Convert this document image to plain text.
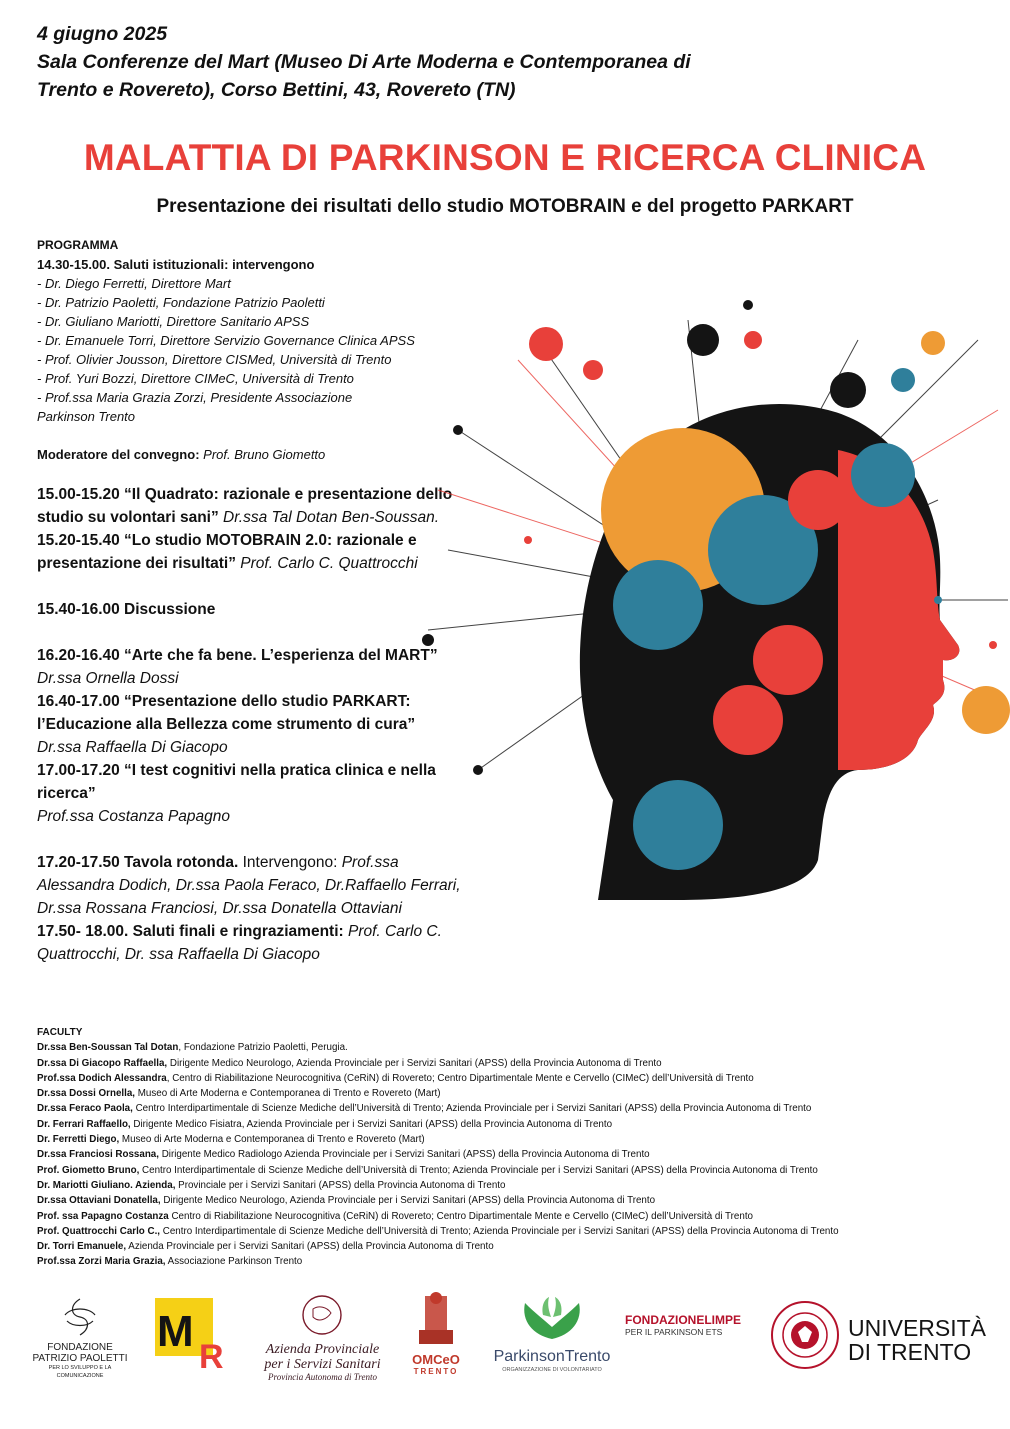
4 giugno 2025
Sala Conferenze del Mart (Museo Di Arte Moderna e Contemporanea di
Trento e Rovereto), Corso Bettini, 43, Rovereto (TN)
MALATTIA DI PARKINSON E RICERCA CLINICA
Presentazione dei risultati dello studio MOTOBRAIN e del progetto PARKART
PROGRAMMA
14.30-15.00. Saluti istituzionali: intervengono
- Dr. Diego Ferretti, Direttore Mart
- Dr. Patrizio Paoletti, Fondazione Patrizio Paoletti
- Dr. Giuliano Mariotti, Direttore Sanitario APSS
- Dr. Emanuele Torri, Direttore Servizio Governance Clinica APSS
- Prof. Olivier Jousson, Direttore CISMed, Università di Trento
- Prof. Yuri Bozzi, Direttore CIMeC, Università di Trento
- Prof.ssa Maria Grazia Zorzi, Presidente Associazione
Parkinson Trento
Moderatore del convegno: Prof. Bruno Giometto
15.00-15.20 “Il Quadrato: razionale e presentazione dello studio su volontari sani” Dr.ssa Tal Dotan Ben-Soussan.
15.20-15.40 “Lo studio MOTOBRAIN 2.0: razionale e presentazione dei risultati” Prof. Carlo C. Quattrocchi
15.40-16.00 Discussione
16.20-16.40 “Arte che fa bene. L’esperienza del MART”
Dr.ssa Ornella Dossi
16.40-17.00 “Presentazione dello studio PARKART: l’Educazione alla Bellezza come strumento di cura”
Dr.ssa Raffaella Di Giacopo
17.00-17.20 “I test cognitivi nella pratica clinica e nella ricerca”
Prof.ssa Costanza Papagno
17.20-17.50 Tavola rotonda. Intervengono: Prof.ssa Alessandra Dodich, Dr.ssa Paola Feraco, Dr.Raffaello Ferrari, Dr.ssa Rossana Franciosi, Dr.ssa Donatella Ottaviani
17.50- 18.00. Saluti finali e ringraziamenti: Prof. Carlo C. Quattrocchi, Dr. ssa Raffaella Di Giacopo
FACULTY
Dr.ssa Ben-Soussan Tal Dotan, Fondazione Patrizio Paoletti, Perugia.
Dr.ssa Di Giacopo Raffaella, Dirigente Medico Neurologo, Azienda Provinciale per i Servizi Sanitari (APSS) della Provincia Autonoma di Trento
Prof.ssa Dodich Alessandra, Centro di Riabilitazione Neurocognitiva (CeRiN) di Rovereto; Centro Dipartimentale Mente e Cervello (CIMeC) dell’Università di Trento
Dr.ssa Dossi Ornella, Museo di Arte Moderna e Contemporanea di Trento e Rovereto (Mart)
Dr.ssa Feraco Paola, Centro Interdipartimentale di Scienze Mediche dell’Università di Trento; Azienda Provinciale per i Servizi Sanitari (APSS) della Provincia Autonoma di Trento
Dr. Ferrari Raffaello, Dirigente Medico Fisiatra, Azienda Provinciale per i Servizi Sanitari (APSS) della Provincia Autonoma di Trento
Dr. Ferretti Diego, Museo di Arte Moderna e Contemporanea di Trento e Rovereto (Mart)
Dr.ssa Franciosi Rossana, Dirigente Medico Radiologo Azienda Provinciale per i Servizi Sanitari (APSS) della Provincia Autonoma di Trento
Prof. Giometto Bruno, Centro Interdipartimentale di Scienze Mediche dell’Università di Trento; Azienda Provinciale per i Servizi Sanitari (APSS) della Provincia Autonoma di Trento
Dr. Mariotti Giuliano. Azienda, Provinciale per i Servizi Sanitari (APSS) della Provincia Autonoma di Trento
Dr.ssa Ottaviani Donatella, Dirigente Medico Neurologo, Azienda Provinciale per i Servizi Sanitari (APSS) della Provincia Autonoma di Trento
Prof. ssa Papagno Costanza Centro di Riabilitazione Neurocognitiva (CeRiN) di Rovereto; Centro Dipartimentale Mente e Cervello (CIMeC) dell’Università di Trento
Prof. Quattrocchi Carlo C., Centro Interdipartimentale di Scienze Mediche dell’Università di Trento; Azienda Provinciale per i Servizi Sanitari (APSS) della Provincia Autonoma di Trento
Dr. Torri Emanuele, Azienda Provinciale per i Servizi Sanitari (APSS) della Provincia Autonoma di Trento
Prof.ssa Zorzi Maria Grazia, Associazione Parkinson Trento
FONDAZIONE
PATRIZIO PAOLETTI
PER LO SVILUPPO E LA COMUNICAZIONE
M
R	Azienda Provinciale
per i Servizi Sanitari
Provincia Autonoma di Trento
OMCeO
TRENTO
ParkinsonTrento
ORGANIZZAZIONE DI VOLONTARIATO
FONDAZIONELIMPE
PER IL PARKINSON ETS	UNIVERSITÀ
DI TRENTO
